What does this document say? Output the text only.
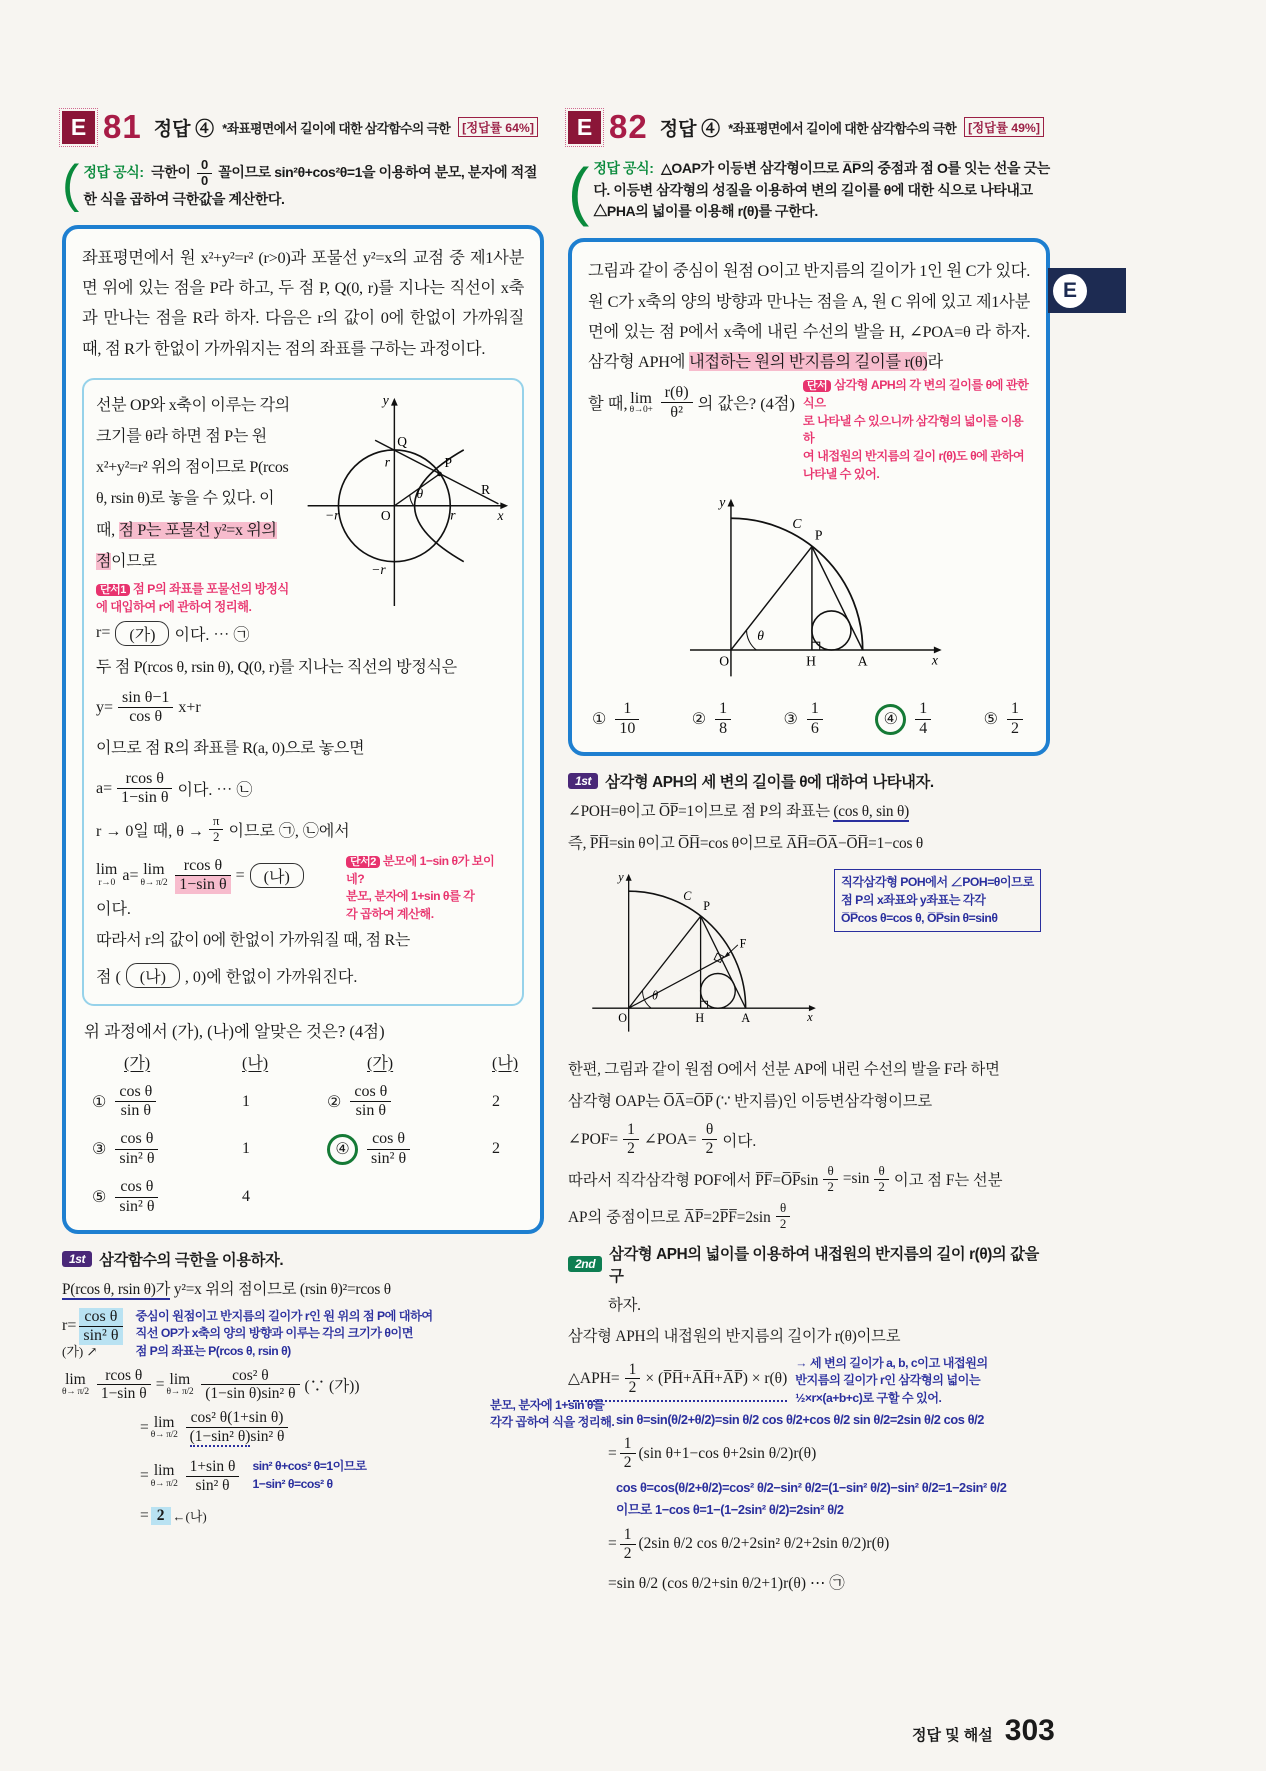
E 81 정답 ④ *좌표평면에서 길이에 대한 삼각함수의 극한 [정답률 64%]
( 정답 공식: 극한이 $\frac{0}{0}$ 꼴이므로 sin²θ+cos²θ=1을 이용하여 분모, 분자에 적절한 식을 곱하여 극한값을 계산한다.

좌표평면에서 원 x²+y²=r² (r>0)과 포물선 y²=x의 교점 중 제1사분면 위에 있는 점을 P라 하고, 두 점 P, Q(0, r)를 지나는 직선이 x축과 만나는 점을 R라 하자. 다음은 r의 값이 0에 한없이 가까워질 때, 점 R가 한없이 가까워지는 점의 좌표를 구하는 과정이다.

y
x
Q
r	P
R
θ
O
−r	r
−r

선분 OP와 x축이 이루는 각의 크기를 θ라 하면 점 P는 원 x²+y²=r² 위의 점이므로 P(rcos θ, rsin θ)로 놓을 수 있다. 이때, 점 P는 포물선 y²=x 위의 점이므로

단서1 점 P의 좌표를 포물선의 방정식에 대입하여 r에 관하여 정리해.

r=	(가)	이다. ⋯ ㉠

두 점 P(rcos θ, rsin θ), Q(0, r)를 지나는 직선의 방정식은

$y= \frac{\text{sin θ−1}}{\text{cos θ}} x+r$

이므로 점 R의 좌표를 R(a, 0)으로 놓으면

$a= \frac{\text{rcos θ}}{\text{1−sin θ}}$ 이다. ⋯ ㉡

r → 0일 때, $\theta \to \frac{\pi}{2}$ 이므로 ㉠, ㉡에서

lim
r→0 a= lim
$\theta\to \pi/2 \frac{\text{rcos θ}}{\text{1−sin θ}}$ =	(나)
이다.

단서2 분모에 1−sin θ가 보이네?
분모, 분자에 1+sin θ를 각
각 곱하여 계산해.

따라서 r의 값이 0에 한없이 가까워질 때, 점 R는

점 (	(나)	, 0)에 한없이 가까워진다.

위 과정에서 (가), (나)에 알맞은 것은? (4점)

(가)	(나)	(가)	(나)
① $\frac{\text{cos θ}}{\text{sin θ}}$	1	② $\frac{\text{cos θ}}{\text{sin θ}}$	2
③ $\frac{\text{cos θ}}{\text{sin² θ}}$	1	④ $\frac{\text{cos θ}}{\text{sin² θ}}$	2
⑤ $\frac{\text{cos θ}}{\text{sin² θ}}$	4

1st 삼각함수의 극한을 이용하자.

P(rcos θ, rsin θ)가 y²=x 위의 점이므로 (rsin θ)²=rcos θ

$r= \frac{\text{cos θ}}{\text{sin² θ}}$
(가) ↗
중심이 원점이고 반지름의 길이가 r인 원 위의 점 P에 대하여
직선 OP가 x축의 양의 방향과 이루는 각의 크기가 θ이면
점 P의 좌표는 P(rcos θ, rsin θ)

lim
$\theta\to \pi/2 \frac{\text{rcos θ}}{\text{1−sin θ}} = \lim$
$\theta\to \pi/2 \frac{\text{cos² θ}}{\text{(1−sin θ)sin² θ}}$ (∵ (가))

분모, 분자에 1+sin θ를
각각 곱하여 식을 정리해.

= lim
$\theta\to \pi/2 \frac{\text{cos² θ(1+sin θ)}}{\text{(1−sin² θ)sin² θ}}$

= lim
$\theta\to \pi/2 \frac{\text{1+sin θ}}{\text{sin² θ}} \sin^2$ θ+cos² θ=1이므로
1−sin² θ=cos² θ

= 2 ←(나)

E 82 정답 ④ *좌표평면에서 길이에 대한 삼각함수의 극한 [정답률 49%]
( 정답 공식: △OAP가 이등변 삼각형이므로 A̅P̅의 중점과 점 O를 잇는 선을 긋는다. 이등변 삼각형의 성질을 이용하여 변의 길이를 θ에 대한 식으로 나타내고 △PHA의 넓이를 이용해 r(θ)를 구한다.

그림과 같이 중심이 원점 O이고 반지름의 길이가 1인 원 C가 있다. 원 C가 x축의 양의 방향과 만나는 점을 A, 원 C 위에 있고 제1사분면에 있는 점 P에서 x축에 내린 수선의 발을 H, ∠POA=θ 라 하자. 삼각형 APH에 내접하는 원의 반지름의 길이를 r(θ)라

할 때, lim
$\theta\to 0+ \frac{r(\theta)}{\text{θ²}}$ 의 값은? (4점)

단서 삼각형 APH의 각 변의 길이를 θ에 관한 식으
로 나타낼 수 있으니까 삼각형의 넓이를 이용하
여 내접원의 반지름의 길이 r(θ)도 θ에 관하여
나타낼 수 있어.
y
x
C
P
θ
O	H	A
① $\frac{1}{10}$	② $\frac{1}{8}$	③ $\frac{1}{6}$	④ $\frac{1}{4}$	⑤ $\frac{1}{2}$

1st 삼각형 APH의 세 변의 길이를 θ에 대하여 나타내자.

∠POH=θ이고 O̅P̅=1이므로 점 P의 좌표는 (cos θ, sin θ)

즉, P̅H̅=sin θ이고 O̅H̅=cos θ이므로 A̅H̅=O̅A̅−O̅H̅=1−cos θ

y
x
C
P
F
θ
O	H	A
직각삼각형 POH에서 ∠POH=θ이므로
점 P의 x좌표와 y좌표는 각각
O̅P̅cos θ=cos θ, O̅P̅sin θ=sinθ

한편, 그림과 같이 원점 O에서 선분 AP에 내린 수선의 발을 F라 하면

삼각형 OAP는 O̅A̅=O̅P̅ (∵ 반지름)인 이등변삼각형이므로

∠POF= $\frac{1}{2}$ ∠POA= $\frac{\theta}{2}$ 이다.

따라서 직각삼각형 POF에서 P̅F̅=O̅P̅sin $\frac{\theta}{2} =\sin \frac{\theta}{2}$ 이고 점 F는 선분

AP의 중점이므로 A̅P̅=2P̅F̅=2sin $\frac{\theta}{2}$

2nd
삼각형 APH의 넓이를 이용하여 내접원의 반지름의 길이 r(θ)의 값을 구

하자.

삼각형 APH의 내접원의 반지름의 길이가 r(θ)이므로

△APH= $\frac{1}{2}$ × (P̅H̅+A̅H̅+A̅P̅) × r(θ)

→ 세 변의 길이가 a, b, c이고 내접원의
반지름의 길이가 r인 삼각형의 넓이는
½×r×(a+b+c)로 구할 수 있어.

sin θ=sin(θ/2+θ/2)=sin θ/2 cos θ/2+cos θ/2 sin θ/2=2sin θ/2 cos θ/2

= $\frac{1}{2} (\sin$ θ+1−cos θ+2sin θ/2)r(θ)

cos θ=cos(θ/2+θ/2)=cos² θ/2−sin² θ/2=(1−sin² θ/2)−sin² θ/2=1−2sin² θ/2

이므로 1−cos θ=1−(1−2sin² θ/2)=2sin² θ/2

= $\frac{1}{2} (2\sin$ θ/2 cos θ/2+2sin² θ/2+2sin θ/2)r(θ)

=sin θ/2 (cos θ/2+sin θ/2+1)r(θ) ⋯ ㉠

E
정답 및 해설 303
